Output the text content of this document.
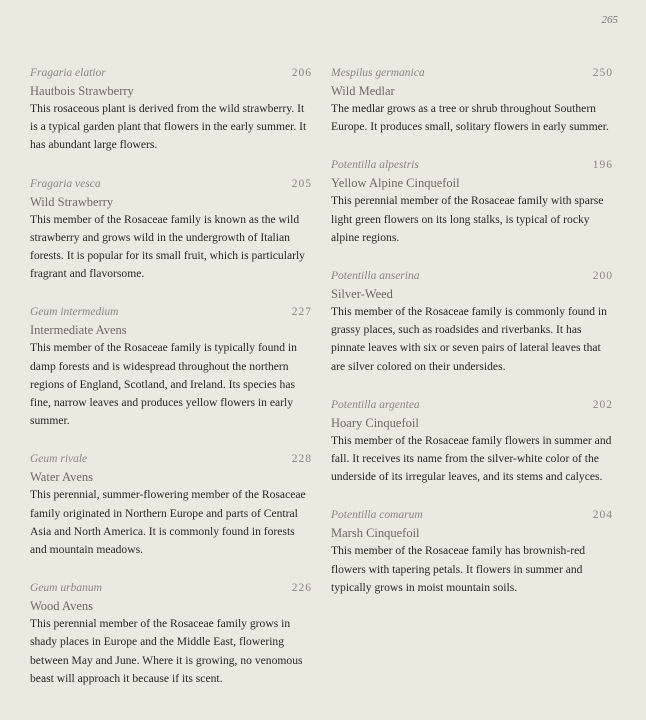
265
Fragaria elatior	206
Hautbois Strawberry
This rosaceous plant is derived from the wild strawberry. It is a typical garden plant that flowers in the early summer. It has abundant large flowers.
Fragaria vesca	205
Wild Strawberry
This member of the Rosaceae family is known as the wild strawberry and grows wild in the undergrowth of Italian forests. It is popular for its small fruit, which is particularly fragrant and flavorsome.
Geum intermedium	227
Intermediate Avens
This member of the Rosaceae family is typically found in damp forests and is widespread throughout the northern regions of England, Scotland, and Ireland. Its species has fine, narrow leaves and produces yellow flowers in early summer.
Geum rivale	228
Water Avens
This perennial, summer-flowering member of the Rosaceae family originated in Northern Europe and parts of Central Asia and North America. It is commonly found in forests and mountain meadows.
Geum urbanum	226
Wood Avens
This perennial member of the Rosaceae family grows in shady places in Europe and the Middle East, flowering between May and June. Where it is growing, no venomous beast will approach it because if its scent.
Mespilus germanica	250
Wild Medlar
The medlar grows as a tree or shrub throughout Southern Europe. It produces small, solitary flowers in early summer.
Potentilla alpestris	196
Yellow Alpine Cinquefoil
This perennial member of the Rosaceae family with sparse light green flowers on its long stalks, is typical of rocky alpine regions.
Potentilla anserina	200
Silver-Weed
This member of the Rosaceae family is commonly found in grassy places, such as roadsides and riverbanks. It has pinnate leaves with six or seven pairs of lateral leaves that are silver colored on their undersides.
Potentilla argentea	202
Hoary Cinquefoil
This member of the Rosaceae family flowers in summer and fall. It receives its name from the silver-white color of the underside of its irregular leaves, and its stems and calyces.
Potentilla comarum	204
Marsh Cinquefoil
This member of the Rosaceae family has brownish-red flowers with tapering petals. It flowers in summer and typically grows in moist mountain soils.
